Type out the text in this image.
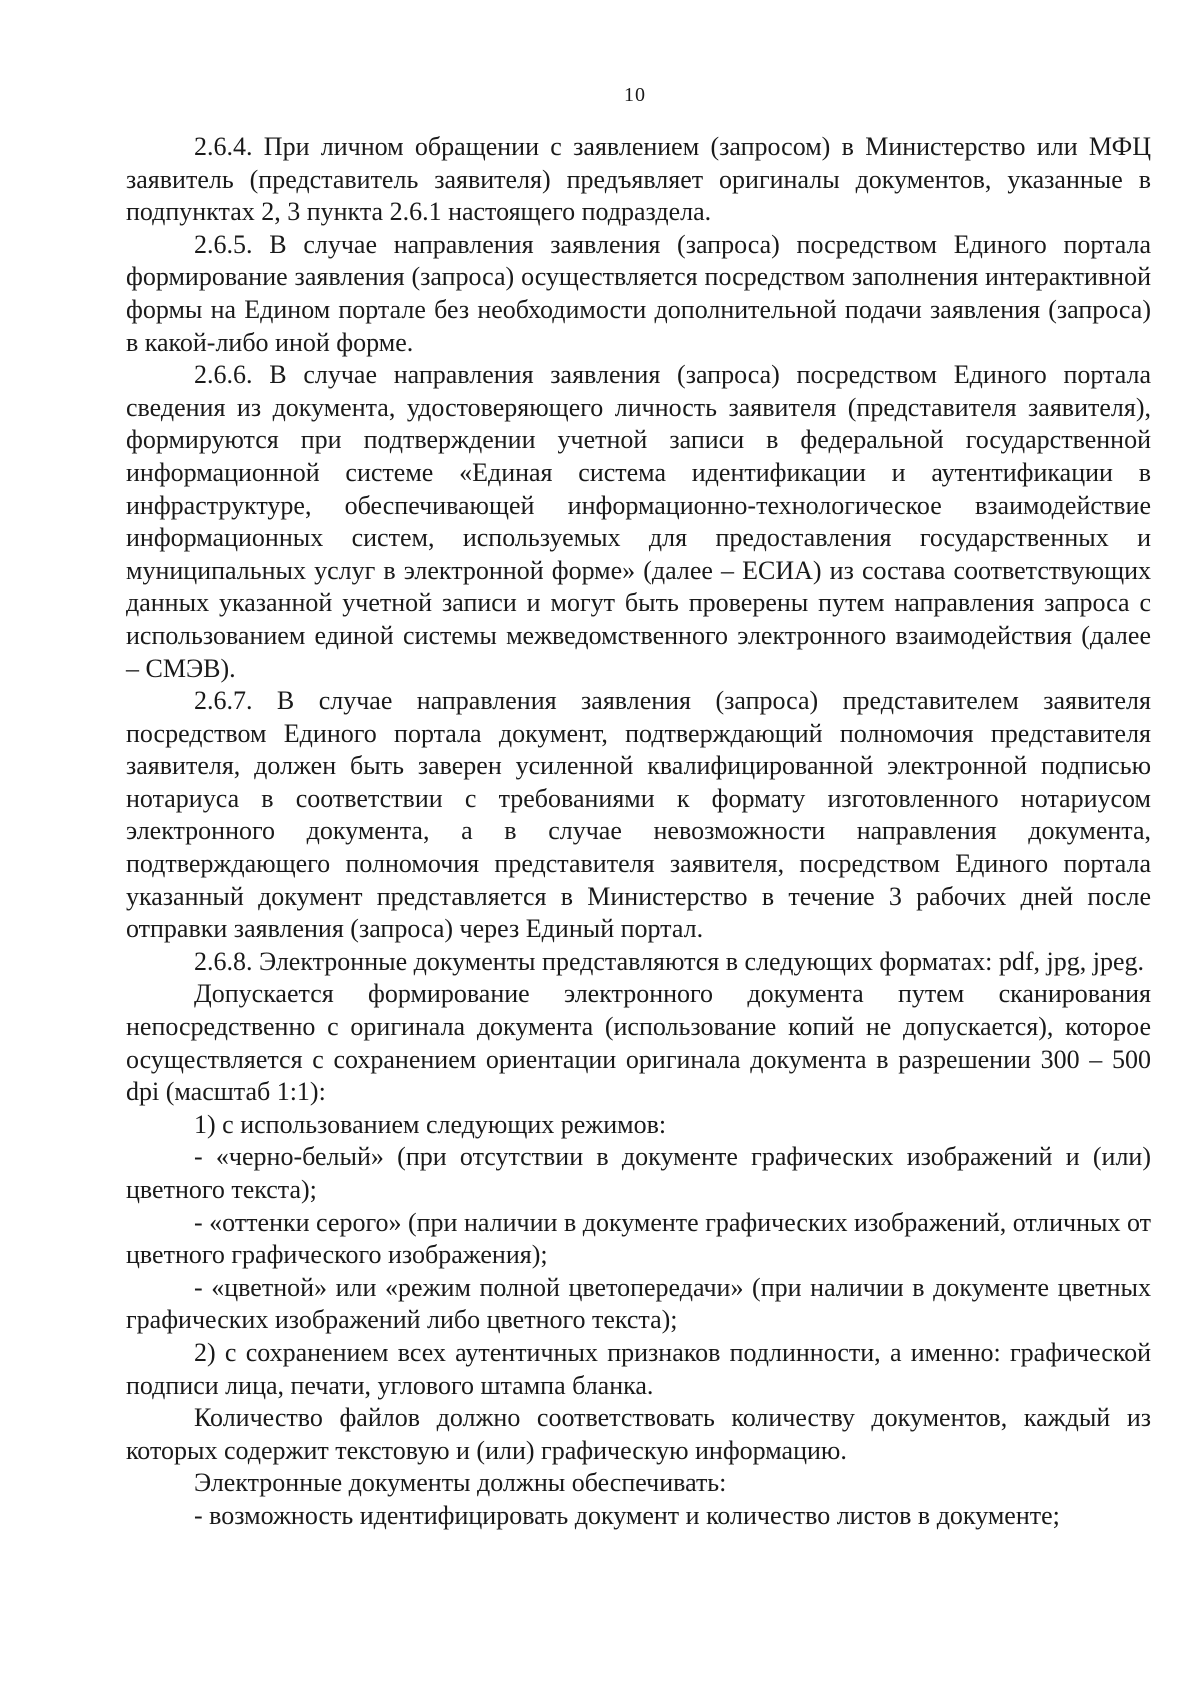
10

2.6.4. При личном обращении с заявлением (запросом) в Министерство или МФЦ заявитель (представитель заявителя) предъявляет оригиналы документов, указанные в подпунктах 2, 3 пункта 2.6.1 настоящего подраздела.

2.6.5. В случае направления заявления (запроса) посредством Единого портала формирование заявления (запроса) осуществляется посредством заполнения интерактивной формы на Едином портале без необходимости дополнительной подачи заявления (запроса) в какой-либо иной форме.

2.6.6. В случае направления заявления (запроса) посредством Единого портала сведения из документа, удостоверяющего личность заявителя (представителя заявителя), формируются при подтверждении учетной записи в федеральной государственной информационной системе «Единая система идентификации и аутентификации в инфраструктуре, обеспечивающей информационно-технологическое взаимодействие информационных систем, используемых для предоставления государственных и муниципальных услуг в электронной форме» (далее – ЕСИА) из состава соответствующих данных указанной учетной записи и могут быть проверены путем направления запроса с использованием единой системы межведомственного электронного взаимодействия (далее – СМЭВ).

2.6.7. В случае направления заявления (запроса) представителем заявителя посредством Единого портала документ, подтверждающий полномочия представителя заявителя, должен быть заверен усиленной квалифицированной электронной подписью нотариуса в соответствии с требованиями к формату изготовленного нотариусом электронного документа, а в случае невозможности направления документа, подтверждающего полномочия представителя заявителя, посредством Единого портала указанный документ представляется в Министерство в течение 3 рабочих дней после отправки заявления (запроса) через Единый портал.

2.6.8. Электронные документы представляются в следующих форматах: pdf, jpg, jpeg.

Допускается формирование электронного документа путем сканирования непосредственно с оригинала документа (использование копий не допускается), которое осуществляется с сохранением ориентации оригинала документа в разрешении 300 – 500 dpi (масштаб 1:1):

1) с использованием следующих режимов:

- «черно-белый» (при отсутствии в документе графических изображений и (или) цветного текста);

- «оттенки серого» (при наличии в документе графических изображений, отличных от цветного графического изображения);

- «цветной» или «режим полной цветопередачи» (при наличии в документе цветных графических изображений либо цветного текста);

2) с сохранением всех аутентичных признаков подлинности, а именно: графической подписи лица, печати, углового штампа бланка.

Количество файлов должно соответствовать количеству документов, каждый из которых содержит текстовую и (или) графическую информацию.

Электронные документы должны обеспечивать:

- возможность идентифицировать документ и количество листов в документе;
